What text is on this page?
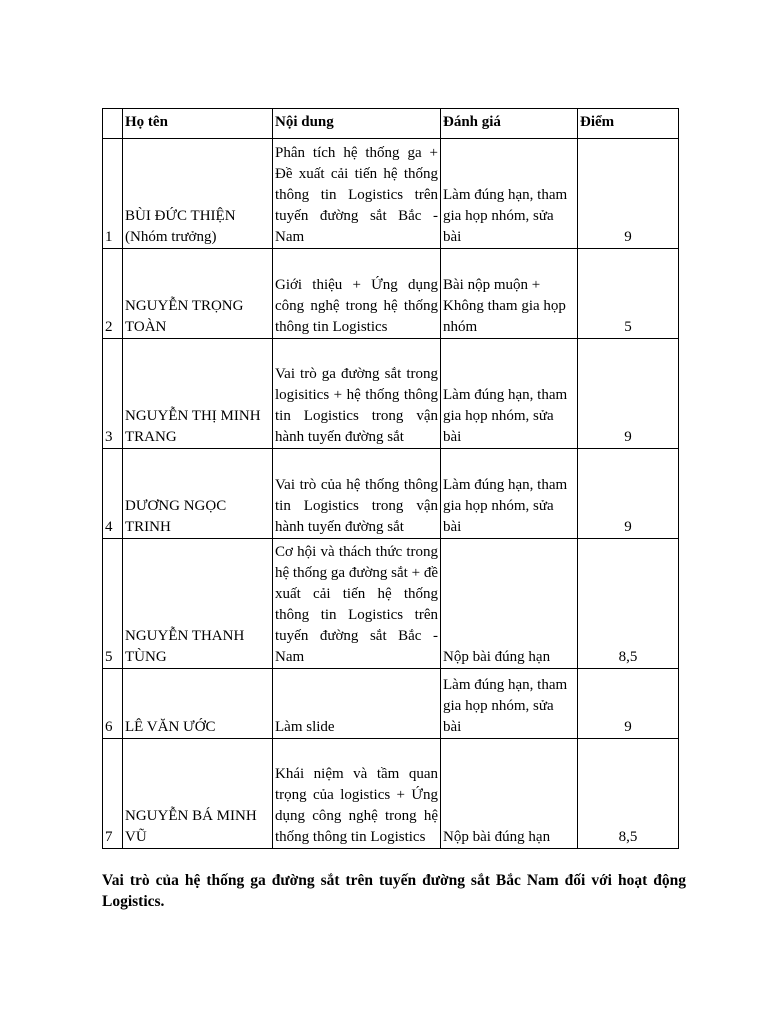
	Họ tên	Nội dung	Đánh giá	Điểm
1	BÙI ĐỨC THIỆN (Nhóm trưởng)	Phân tích hệ thống ga + Đề xuất cải tiến hệ thống thông tin Logistics trên tuyến đường sắt Bắc - Nam	Làm đúng hạn, tham gia họp nhóm, sửa bài	9
2	NGUYỄN TRỌNG TOÀN	Giới thiệu + Ứng dụng công nghệ trong hệ thống thông tin Logistics	Bài nộp muộn + Không tham gia họp nhóm	5
3	NGUYỄN THỊ MINH TRANG	Vai trò ga đường sắt trong logisitics + hệ thống thông tin Logistics trong vận hành tuyến đường sắt	Làm đúng hạn, tham gia họp nhóm, sửa bài	9
4	DƯƠNG NGỌC TRINH	Vai trò của hệ thống thông tin Logistics trong vận hành tuyến đường sắt	Làm đúng hạn, tham gia họp nhóm, sửa bài	9
5	NGUYỄN THANH TÙNG	Cơ hội và thách thức trong hệ thống ga đường sắt + đề xuất cải tiến hệ thống thông tin Logistics trên tuyến đường sắt Bắc - Nam	Nộp bài đúng hạn	8,5
6	LÊ VĂN ƯỚC	Làm slide	Làm đúng hạn, tham gia họp nhóm, sửa bài	9
7	NGUYỄN BÁ MINH VŨ	Khái niệm và tầm quan trọng của logistics + Ứng dụng công nghệ trong hệ thống thông tin Logistics	Nộp bài đúng hạn	8,5
Vai trò của hệ thống ga đường sắt trên tuyến đường sắt Bắc Nam đối với hoạt động Logistics.
